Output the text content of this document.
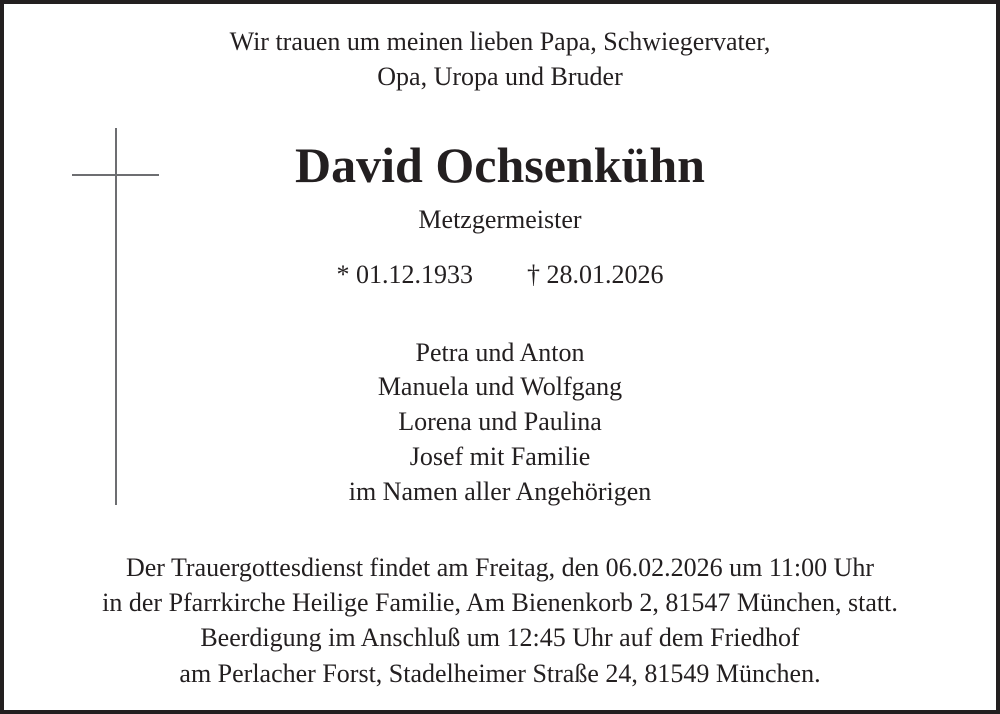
Wir trauen um meinen lieben Papa, Schwiegervater,
Opa, Uropa und Bruder
David Ochsenkühn
Metzgermeister
* 01.12.1933 † 28.01.2026
Petra und Anton
Manuela und Wolfgang
Lorena und Paulina
Josef mit Familie
im Namen aller Angehörigen
Der Trauergottesdienst findet am Freitag, den 06.02.2026 um 11:00 Uhr
in der Pfarrkirche Heilige Familie, Am Bienenkorb 2, 81547 München, statt.
Beerdigung im Anschluß um 12:45 Uhr auf dem Friedhof
am Perlacher Forst, Stadelheimer Straße 24, 81549 München.
